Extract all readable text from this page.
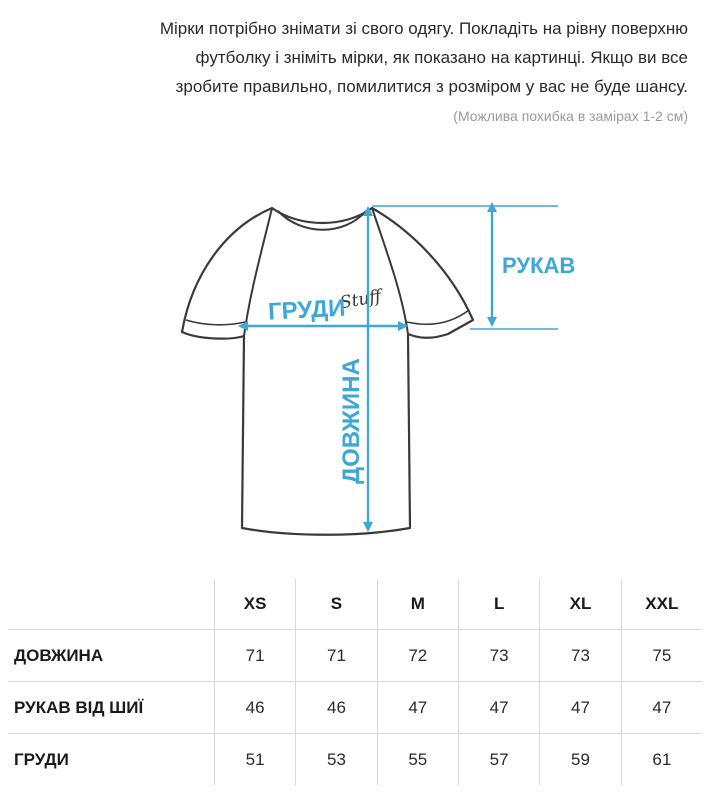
Мірки потрібно знімати зі свого одягу. Покладіть на рівну поверхню
футболку і зніміть мірки, як показано на картинці. Якщо ви все
зробите правильно, помилитися з розміром у вас не буде шансу.
(Можлива похибка в замірах 1-2 см)
Stuff
ГРУДИ
ДОВЖИНА
РУКАВ
	XS	S	M	L	XL	XXL
ДОВЖИНА	71	71	72	73	73	75
РУКАВ ВІД ШИЇ	46	46	47	47	47	47
ГРУДИ	51	53	55	57	59	61
